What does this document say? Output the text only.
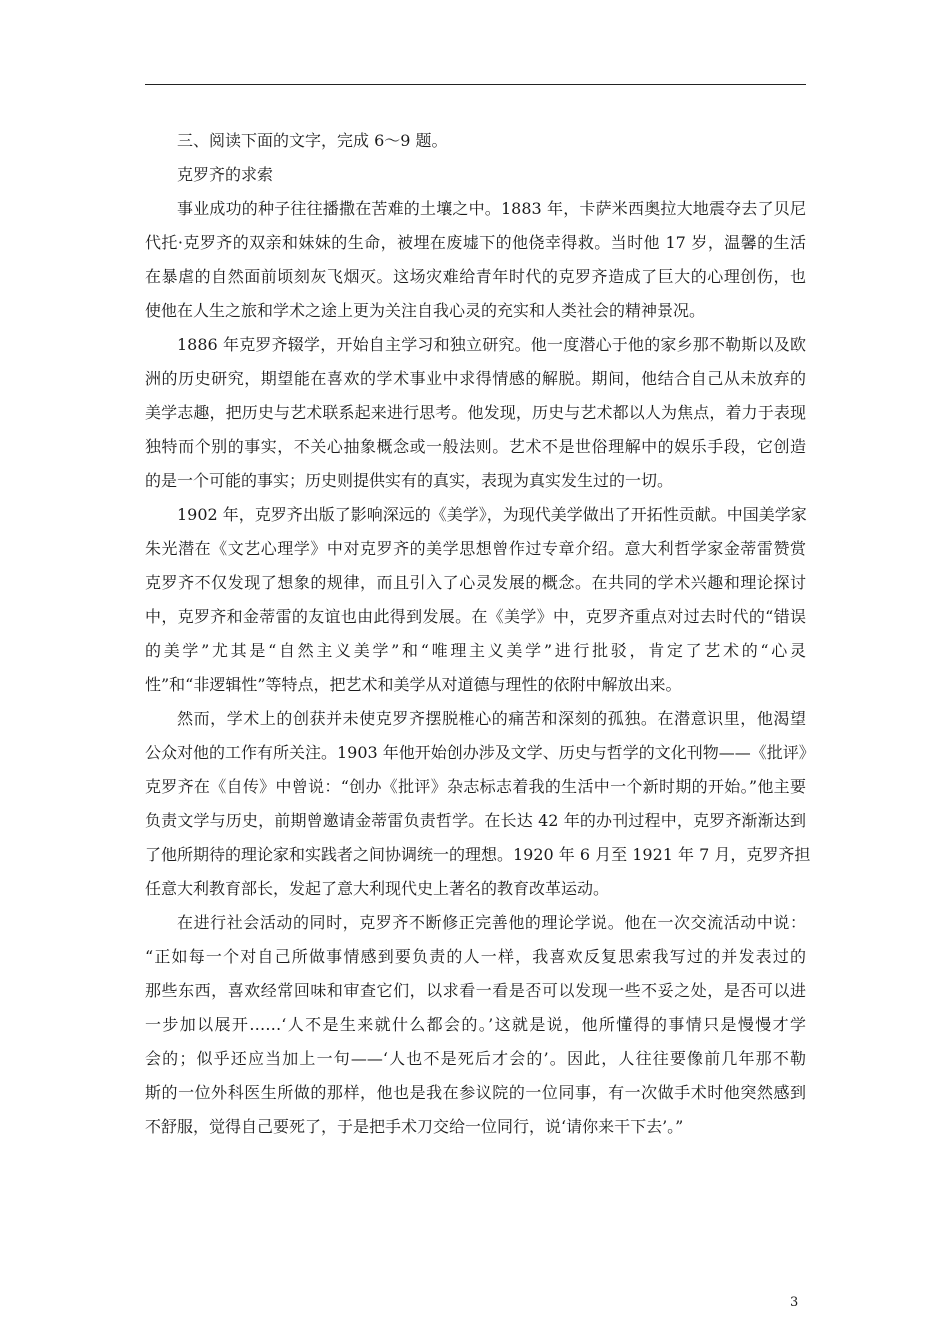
三、阅读下面的文字，完成 6～9 题。
克罗齐的求索
事业成功的种子往往播撒在苦难的土壤之中。1883 年，卡萨米西奥拉大地震夺去了贝尼
代托·克罗齐的双亲和妹妹的生命，被埋在废墟下的他侥幸得救。当时他 17 岁，温馨的生活
在暴虐的自然面前顷刻灰飞烟灭。这场灾难给青年时代的克罗齐造成了巨大的心理创伤，也
使他在人生之旅和学术之途上更为关注自我心灵的充实和人类社会的精神景况。
1886 年克罗齐辍学，开始自主学习和独立研究。他一度潜心于他的家乡那不勒斯以及欧
洲的历史研究，期望能在喜欢的学术事业中求得情感的解脱。期间，他结合自己从未放弃的
美学志趣，把历史与艺术联系起来进行思考。他发现，历史与艺术都以人为焦点，着力于表现
独特而个别的事实，不关心抽象概念或一般法则。艺术不是世俗理解中的娱乐手段，它创造
的是一个可能的事实；历史则提供实有的真实，表现为真实发生过的一切。
1902 年，克罗齐出版了影响深远的《美学》，为现代美学做出了开拓性贡献。中国美学家
朱光潜在《文艺心理学》中对克罗齐的美学思想曾作过专章介绍。意大利哲学家金蒂雷赞赏
克罗齐不仅发现了想象的规律，而且引入了心灵发展的概念。在共同的学术兴趣和理论探讨
中，克罗齐和金蒂雷的友谊也由此得到发展。在《美学》中，克罗齐重点对过去时代的“错误
的美学”尤其是“自然主义美学”和“唯理主义美学”进行批驳，肯定了艺术的“心灵
性”和“非逻辑性”等特点，把艺术和美学从对道德与理性的依附中解放出来。
然而，学术上的创获并未使克罗齐摆脱椎心的痛苦和深刻的孤独。在潜意识里，他渴望
公众对他的工作有所关注。1903 年他开始创办涉及文学、历史与哲学的文化刊物——《批评》
克罗齐在《自传》中曾说：“创办《批评》杂志标志着我的生活中一个新时期的开始。”他主要
负责文学与历史，前期曾邀请金蒂雷负责哲学。在长达 42 年的办刊过程中，克罗齐渐渐达到
了他所期待的理论家和实践者之间协调统一的理想。1920 年 6 月至 1921 年 7 月，克罗齐担
任意大利教育部长，发起了意大利现代史上著名的教育改革运动。
在进行社会活动的同时，克罗齐不断修正完善他的理论学说。他在一次交流活动中说：
“正如每一个对自己所做事情感到要负责的人一样，我喜欢反复思索我写过的并发表过的
那些东西，喜欢经常回味和审查它们，以求看一看是否可以发现一些不妥之处，是否可以进
一步加以展开……‘人不是生来就什么都会的。’这就是说，他所懂得的事情只是慢慢才学
会的；似乎还应当加上一句——‘人也不是死后才会的’。因此，人往往要像前几年那不勒
斯的一位外科医生所做的那样，他也是我在参议院的一位同事，有一次做手术时他突然感到
不舒服，觉得自己要死了，于是把手术刀交给一位同行，说‘请你来干下去’。”
3
